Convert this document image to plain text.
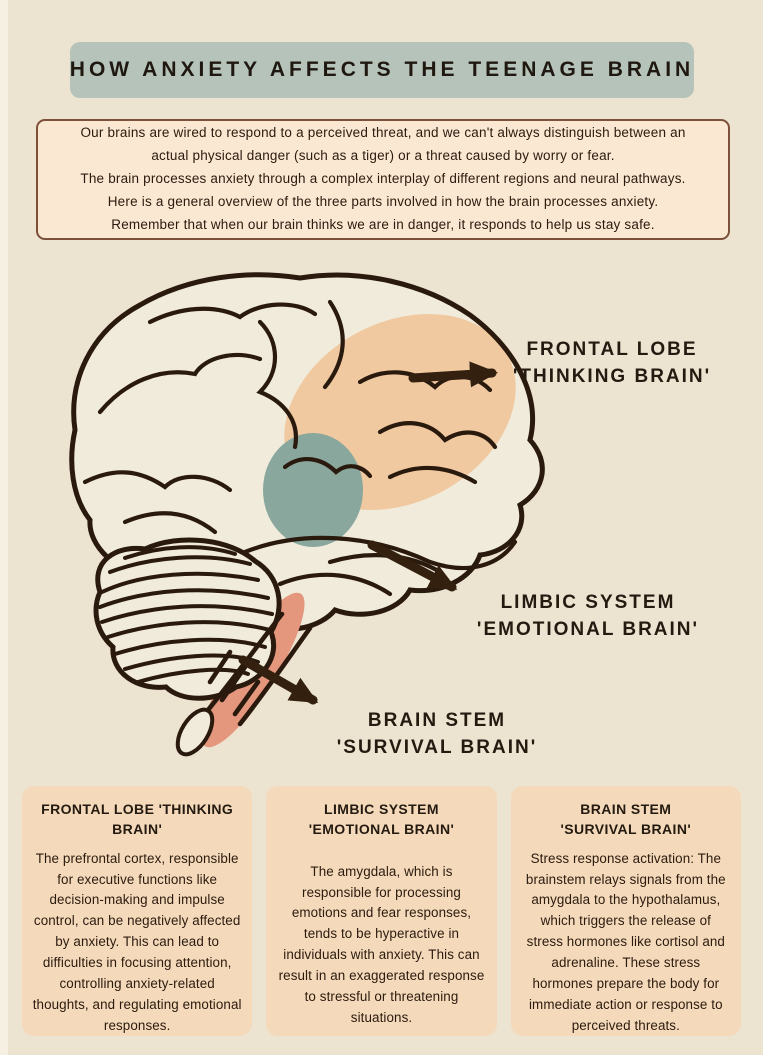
HOW ANXIETY AFFECTS THE TEENAGE BRAIN
Our brains are wired to respond to a perceived threat, and we can't always distinguish between an
actual physical danger (such as a tiger) or a threat caused by worry or fear.
The brain processes anxiety through a complex interplay of different regions and neural pathways.
Here is a general overview of the three parts involved in how the brain processes anxiety.
Remember that when our brain thinks we are in danger, it responds to help us stay safe.
FRONTAL LOBE
'THINKING BRAIN'
LIMBIC SYSTEM
'EMOTIONAL BRAIN'
BRAIN STEM
'SURVIVAL BRAIN'
FRONTAL LOBE 'THINKING
BRAIN'
The prefrontal cortex, responsible for executive functions like decision-making and impulse control, can be negatively affected by anxiety. This can lead to difficulties in focusing attention, controlling anxiety-related thoughts, and regulating emotional responses.
LIMBIC SYSTEM
'EMOTIONAL BRAIN'
The amygdala, which is responsible for processing emotions and fear responses, tends to be hyperactive in individuals with anxiety. This can result in an exaggerated response to stressful or threatening situations.
BRAIN STEM
'SURVIVAL BRAIN'
Stress response activation: The brainstem relays signals from the amygdala to the hypothalamus, which triggers the release of stress hormones like cortisol and adrenaline. These stress hormones prepare the body for immediate action or response to perceived threats.
